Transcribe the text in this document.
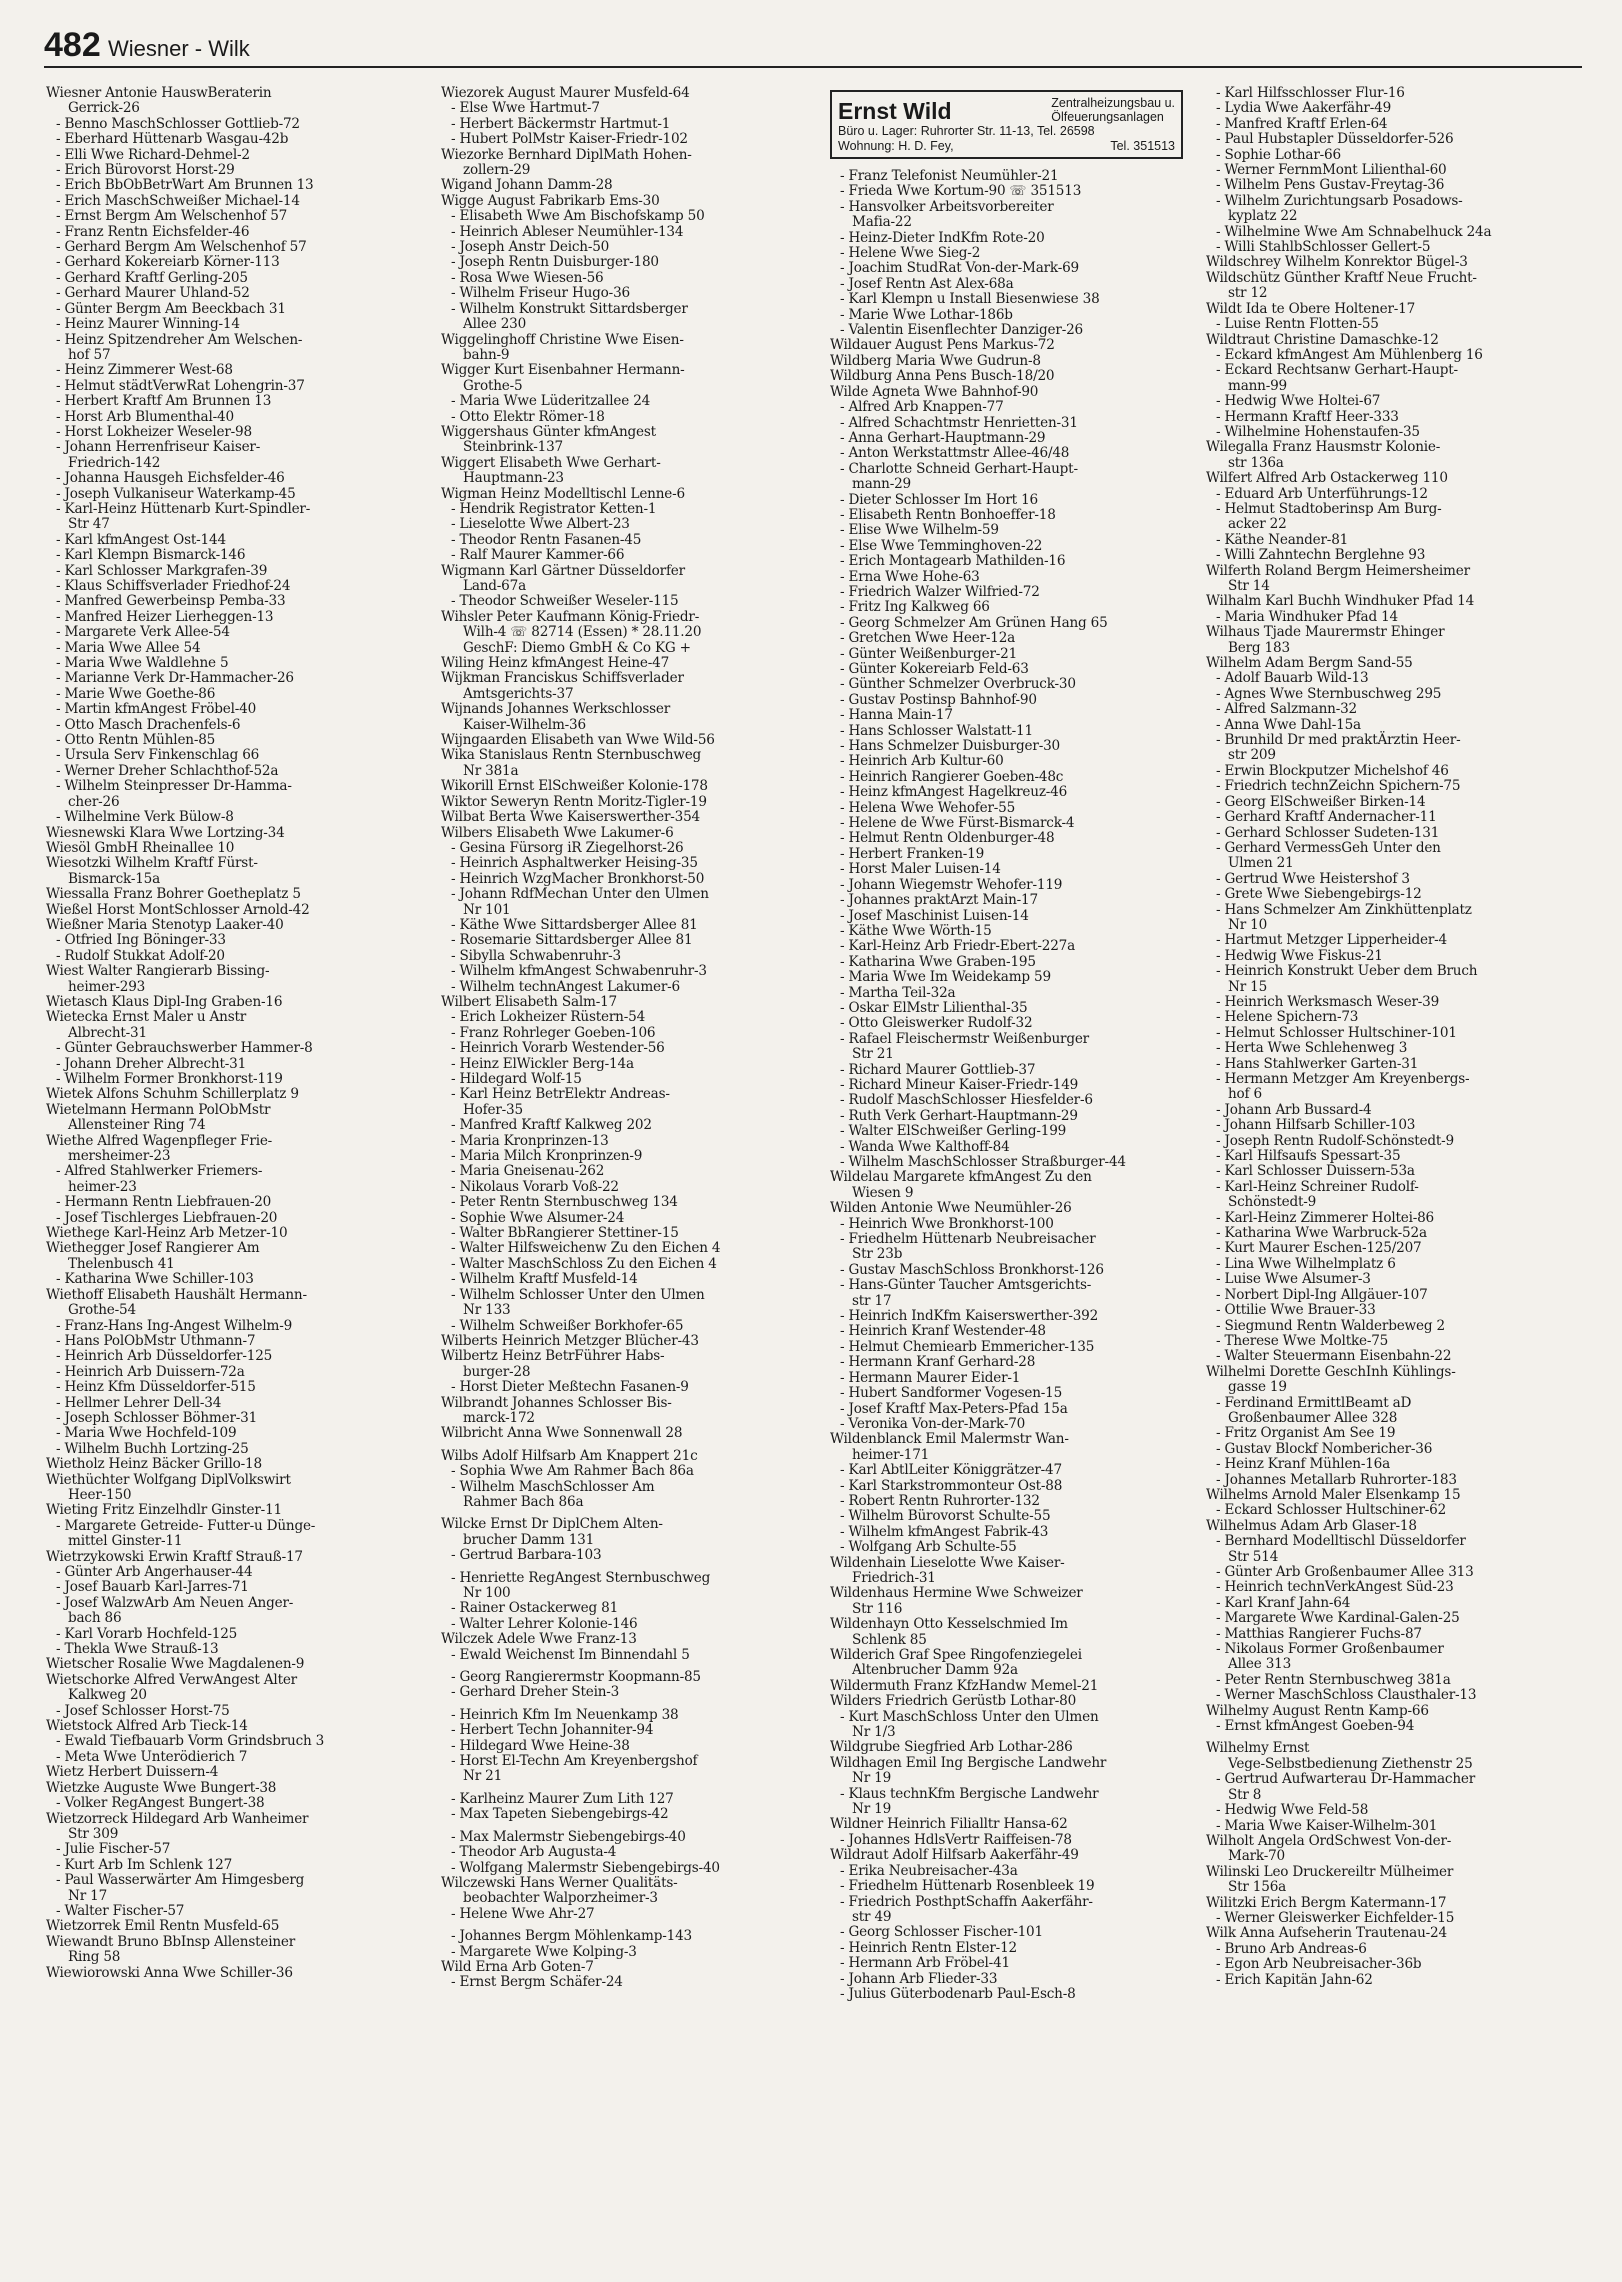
482 Wiesner - Wilk
Wiesner Antonie HauswBeraterin
Gerrick-26
- Benno MaschSchlosser Gottlieb-72
- Eberhard Hüttenarb Wasgau-42b
- Elli Wwe Richard-Dehmel-2
- Erich Bürovorst Horst-29
- Erich BbObBetrWart Am Brunnen 13
- Erich MaschSchweißer Michael-14
- Ernst Bergm Am Welschenhof 57
- Franz Rentn Eichsfelder-46
- Gerhard Bergm Am Welschenhof 57
- Gerhard Kokereiarb Körner-113
- Gerhard Kraftf Gerling-205
- Gerhard Maurer Uhland-52
- Günter Bergm Am Beeckbach 31
- Heinz Maurer Winning-14
- Heinz Spitzendreher Am Welschen-
hof 57
- Heinz Zimmerer West-68
- Helmut städtVerwRat Lohengrin-37
- Herbert Kraftf Am Brunnen 13
- Horst Arb Blumenthal-40
- Horst Lokheizer Weseler-98
- Johann Herrenfriseur Kaiser-
Friedrich-142
- Johanna Hausgeh Eichsfelder-46
- Joseph Vulkaniseur Waterkamp-45
- Karl-Heinz Hüttenarb Kurt-Spindler-
Str 47
- Karl kfmAngest Ost-144
- Karl Klempn Bismarck-146
- Karl Schlosser Markgrafen-39
- Klaus Schiffsverlader Friedhof-24
- Manfred Gewerbeinsp Pemba-33
- Manfred Heizer Lierheggen-13
- Margarete Verk Allee-54
- Maria Wwe Allee 54
- Maria Wwe Waldlehne 5
- Marianne Verk Dr-Hammacher-26
- Marie Wwe Goethe-86
- Martin kfmAngest Fröbel-40
- Otto Masch Drachenfels-6
- Otto Rentn Mühlen-85
- Ursula Serv Finkenschlag 66
- Werner Dreher Schlachthof-52a
- Wilhelm Steinpresser Dr-Hamma-
cher-26
- Wilhelmine Verk Bülow-8
Wiesnewski Klara Wwe Lortzing-34
Wiesöl GmbH Rheinallee 10
Wiesotzki Wilhelm Kraftf Fürst-
Bismarck-15a
Wiessalla Franz Bohrer Goetheplatz 5
Wießel Horst MontSchlosser Arnold-42
Wießner Maria Stenotyp Laaker-40
- Otfried Ing Böninger-33
- Rudolf Stukkat Adolf-20
Wiest Walter Rangierarb Bissing-
heimer-293
Wietasch Klaus Dipl-Ing Graben-16
Wietecka Ernst Maler u Anstr
Albrecht-31
- Günter Gebrauchswerber Hammer-8
- Johann Dreher Albrecht-31
- Wilhelm Former Bronkhorst-119
Wietek Alfons Schuhm Schillerplatz 9
Wietelmann Hermann PolObMstr
Allensteiner Ring 74
Wiethe Alfred Wagenpfleger Frie-
mersheimer-23
- Alfred Stahlwerker Friemers-
heimer-23
- Hermann Rentn Liebfrauen-20
- Josef Tischlerges Liebfrauen-20
Wiethege Karl-Heinz Arb Metzer-10
Wiethegger Josef Rangierer Am
Thelenbusch 41
- Katharina Wwe Schiller-103
Wiethoff Elisabeth Haushält Hermann-
Grothe-54
- Franz-Hans Ing-Angest Wilhelm-9
- Hans PolObMstr Uthmann-7
- Heinrich Arb Düsseldorfer-125
- Heinrich Arb Duissern-72a
- Heinz Kfm Düsseldorfer-515
- Hellmer Lehrer Dell-34
- Joseph Schlosser Böhmer-31
- Maria Wwe Hochfeld-109
- Wilhelm Buchh Lortzing-25
Wietholz Heinz Bäcker Grillo-18
Wiethüchter Wolfgang DiplVolkswirt
Heer-150
Wieting Fritz Einzelhdlr Ginster-11
- Margarete Getreide- Futter-u Dünge-
mittel Ginster-11
Wietrzykowski Erwin Kraftf Strauß-17
- Günter Arb Angerhauser-44
- Josef Bauarb Karl-Jarres-71
- Josef WalzwArb Am Neuen Anger-
bach 86
- Karl Vorarb Hochfeld-125
- Thekla Wwe Strauß-13
Wietscher Rosalie Wwe Magdalenen-9
Wietschorke Alfred VerwAngest Alter
Kalkweg 20
- Josef Schlosser Horst-75
Wietstock Alfred Arb Tieck-14
- Ewald Tiefbauarb Vorm Grindsbruch 3
- Meta Wwe Unterödierich 7
Wietz Herbert Duissern-4
Wietzke Auguste Wwe Bungert-38
- Volker RegAngest Bungert-38
Wietzorreck Hildegard Arb Wanheimer
Str 309
- Julie Fischer-57
- Kurt Arb Im Schlenk 127
- Paul Wasserwärter Am Himgesberg
Nr 17
- Walter Fischer-57
Wietzorrek Emil Rentn Musfeld-65
Wiewandt Bruno BbInsp Allensteiner
Ring 58
Wiewiorowski Anna Wwe Schiller-36
Wiezorek August Maurer Musfeld-64
- Else Wwe Hartmut-7
- Herbert Bäckermstr Hartmut-1
- Hubert PolMstr Kaiser-Friedr-102
Wiezorke Bernhard DiplMath Hohen-
zollern-29
Wigand Johann Damm-28
Wigge August Fabrikarb Ems-30
- Elisabeth Wwe Am Bischofskamp 50
- Heinrich Ableser Neumühler-134
- Joseph Anstr Deich-50
- Joseph Rentn Duisburger-180
- Rosa Wwe Wiesen-56
- Wilhelm Friseur Hugo-36
- Wilhelm Konstrukt Sittardsberger
Allee 230
Wiggelinghoff Christine Wwe Eisen-
bahn-9
Wigger Kurt Eisenbahner Hermann-
Grothe-5
- Maria Wwe Lüderitzallee 24
- Otto Elektr Römer-18
Wiggershaus Günter kfmAngest
Steinbrink-137
Wiggert Elisabeth Wwe Gerhart-
Hauptmann-23
Wigman Heinz Modelltischl Lenne-6
- Hendrik Registrator Ketten-1
- Lieselotte Wwe Albert-23
- Theodor Rentn Fasanen-45
- Ralf Maurer Kammer-66
Wigmann Karl Gärtner Düsseldorfer
Land-67a
- Theodor Schweißer Weseler-115
Wihsler Peter Kaufmann König-Friedr-
Wilh-4 ☏ 82714 (Essen) * 28.11.20
GeschF: Diemo GmbH & Co KG +
Wiling Heinz kfmAngest Heine-47
Wijkman Franciskus Schiffsverlader
Amtsgerichts-37
Wijnands Johannes Werkschlosser
Kaiser-Wilhelm-36
Wijngaarden Elisabeth van Wwe Wild-56
Wika Stanislaus Rentn Sternbuschweg
Nr 381a
Wikorill Ernst ElSchweißer Kolonie-178
Wiktor Seweryn Rentn Moritz-Tigler-19
Wilbat Berta Wwe Kaiserswerther-354
Wilbers Elisabeth Wwe Lakumer-6
- Gesina Fürsorg iR Ziegelhorst-26
- Heinrich Asphaltwerker Heising-35
- Heinrich WzgMacher Bronkhorst-50
- Johann RdfMechan Unter den Ulmen
Nr 101
- Käthe Wwe Sittardsberger Allee 81
- Rosemarie Sittardsberger Allee 81
- Sibylla Schwabenruhr-3
- Wilhelm kfmAngest Schwabenruhr-3
- Wilhelm technAngest Lakumer-6
Wilbert Elisabeth Salm-17
- Erich Lokheizer Rüstern-54
- Franz Rohrleger Goeben-106
- Heinrich Vorarb Westender-56
- Heinz ElWickler Berg-14a
- Hildegard Wolf-15
- Karl Heinz BetrElektr Andreas-
Hofer-35
- Manfred Kraftf Kalkweg 202
- Maria Kronprinzen-13
- Maria Milch Kronprinzen-9
- Maria Gneisenau-262
- Nikolaus Vorarb Voß-22
- Peter Rentn Sternbuschweg 134
- Sophie Wwe Alsumer-24
- Walter BbRangierer Stettiner-15
- Walter Hilfsweichenw Zu den Eichen 4
- Walter MaschSchloss Zu den Eichen 4
- Wilhelm Kraftf Musfeld-14
- Wilhelm Schlosser Unter den Ulmen
Nr 133
- Wilhelm Schweißer Borkhofer-65
Wilberts Heinrich Metzger Blücher-43
Wilbertz Heinz BetrFührer Habs-
burger-28
- Horst Dieter Meßtechn Fasanen-9
Wilbrandt Johannes Schlosser Bis-
marck-172
Wilbricht Anna Wwe Sonnenwall 28

Wilbs Adolf Hilfsarb Am Knappert 21c
- Sophia Wwe Am Rahmer Bach 86a
- Wilhelm MaschSchlosser Am
Rahmer Bach 86a

Wilcke Ernst Dr DiplChem Alten-
brucher Damm 131
- Gertrud Barbara-103

- Henriette RegAngest Sternbuschweg
Nr 100
- Rainer Ostackerweg 81
- Walter Lehrer Kolonie-146
Wilczek Adele Wwe Franz-13
- Ewald Weichenst Im Binnendahl 5

- Georg Rangierermstr Koopmann-85
- Gerhard Dreher Stein-3

- Heinrich Kfm Im Neuenkamp 38
- Herbert Techn Johanniter-94
- Hildegard Wwe Heine-38
- Horst El-Techn Am Kreyenbergshof
Nr 21

- Karlheinz Maurer Zum Lith 127
- Max Tapeten Siebengebirgs-42

- Max Malermstr Siebengebirgs-40
- Theodor Arb Augusta-4
- Wolfgang Malermstr Siebengebirgs-40
Wilczewski Hans Werner Qualitäts-
beobachter Walporzheimer-3
- Helene Wwe Ahr-27

- Johannes Bergm Möhlenkamp-143
- Margarete Wwe Kolping-3
Wild Erna Arb Goten-7
- Ernst Bergm Schäfer-24
Ernst Wild	Zentralheizungsbau u.
Ölfeuerungsanlagen
Büro u. Lager: Ruhrorter Str. 11-13, Tel. 26598
Wohnung: H. D. Fey,	Tel. 351513
- Franz Telefonist Neumühler-21
- Frieda Wwe Kortum-90 ☏ 351513
- Hansvolker Arbeitsvorbereiter
Mafia-22
- Heinz-Dieter IndKfm Rote-20
- Helene Wwe Sieg-2
- Joachim StudRat Von-der-Mark-69
- Josef Rentn Ast Alex-68a
- Karl Klempn u Install Biesenwiese 38
- Marie Wwe Lothar-186b
- Valentin Eisenflechter Danziger-26
Wildauer August Pens Markus-72
Wildberg Maria Wwe Gudrun-8
Wildburg Anna Pens Busch-18/20
Wilde Agneta Wwe Bahnhof-90
- Alfred Arb Knappen-77
- Alfred Schachtmstr Henrietten-31
- Anna Gerhart-Hauptmann-29
- Anton Werkstattmstr Allee-46/48
- Charlotte Schneid Gerhart-Haupt-
mann-29
- Dieter Schlosser Im Hort 16
- Elisabeth Rentn Bonhoeffer-18
- Elise Wwe Wilhelm-59
- Else Wwe Temminghoven-22
- Erich Montagearb Mathilden-16
- Erna Wwe Hohe-63
- Friedrich Walzer Wilfried-72
- Fritz Ing Kalkweg 66
- Georg Schmelzer Am Grünen Hang 65
- Gretchen Wwe Heer-12a
- Günter Weißenburger-21
- Günter Kokereiarb Feld-63
- Günther Schmelzer Overbruck-30
- Gustav Postinsp Bahnhof-90
- Hanna Main-17
- Hans Schlosser Walstatt-11
- Hans Schmelzer Duisburger-30
- Heinrich Arb Kultur-60
- Heinrich Rangierer Goeben-48c
- Heinz kfmAngest Hagelkreuz-46
- Helena Wwe Wehofer-55
- Helene de Wwe Fürst-Bismarck-4
- Helmut Rentn Oldenburger-48
- Herbert Franken-19
- Horst Maler Luisen-14
- Johann Wiegemstr Wehofer-119
- Johannes praktArzt Main-17
- Josef Maschinist Luisen-14
- Käthe Wwe Wörth-15
- Karl-Heinz Arb Friedr-Ebert-227a
- Katharina Wwe Graben-195
- Maria Wwe Im Weidekamp 59
- Martha Teil-32a
- Oskar ElMstr Lilienthal-35
- Otto Gleiswerker Rudolf-32
- Rafael Fleischermstr Weißenburger
Str 21
- Richard Maurer Gottlieb-37
- Richard Mineur Kaiser-Friedr-149
- Rudolf MaschSchlosser Hiesfelder-6
- Ruth Verk Gerhart-Hauptmann-29
- Walter ElSchweißer Gerling-199
- Wanda Wwe Kalthoff-84
- Wilhelm MaschSchlosser Straßburger-44
Wildelau Margarete kfmAngest Zu den
Wiesen 9
Wilden Antonie Wwe Neumühler-26
- Heinrich Wwe Bronkhorst-100
- Friedhelm Hüttenarb Neubreisacher
Str 23b
- Gustav MaschSchloss Bronkhorst-126
- Hans-Günter Taucher Amtsgerichts-
str 17
- Heinrich IndKfm Kaiserswerther-392
- Heinrich Kranf Westender-48
- Helmut Chemiearb Emmericher-135
- Hermann Kranf Gerhard-28
- Hermann Maurer Eider-1
- Hubert Sandformer Vogesen-15
- Josef Kraftf Max-Peters-Pfad 15a
- Veronika Von-der-Mark-70
Wildenblanck Emil Malermstr Wan-
heimer-171
- Karl AbtlLeiter Königgrätzer-47
- Karl Starkstrommonteur Ost-88
- Robert Rentn Ruhrorter-132
- Wilhelm Bürovorst Schulte-55
- Wilhelm kfmAngest Fabrik-43
- Wolfgang Arb Schulte-55
Wildenhain Lieselotte Wwe Kaiser-
Friedrich-31
Wildenhaus Hermine Wwe Schweizer
Str 116
Wildenhayn Otto Kesselschmied Im
Schlenk 85
Wilderich Graf Spee Ringofenziegelei
Altenbrucher Damm 92a
Wildermuth Franz KfzHandw Memel-21
Wilders Friedrich Gerüstb Lothar-80
- Kurt MaschSchloss Unter den Ulmen
Nr 1/3
Wildgrube Siegfried Arb Lothar-286
Wildhagen Emil Ing Bergische Landwehr
Nr 19
- Klaus technKfm Bergische Landwehr
Nr 19
Wildner Heinrich Filialltr Hansa-62
- Johannes HdlsVertr Raiffeisen-78
Wildraut Adolf Hilfsarb Aakerfähr-49
- Erika Neubreisacher-43a
- Friedhelm Hüttenarb Rosenbleek 19
- Friedrich PosthptSchaffn Aakerfähr-
str 49
- Georg Schlosser Fischer-101
- Heinrich Rentn Elster-12
- Hermann Arb Fröbel-41
- Johann Arb Flieder-33
- Julius Güterbodenarb Paul-Esch-8
- Karl Hilfsschlosser Flur-16
- Lydia Wwe Aakerfähr-49
- Manfred Kraftf Erlen-64
- Paul Hubstapler Düsseldorfer-526
- Sophie Lothar-66
- Werner FernmMont Lilienthal-60
- Wilhelm Pens Gustav-Freytag-36
- Wilhelm Zurichtungsarb Posadows-
kyplatz 22
- Wilhelmine Wwe Am Schnabelhuck 24a
- Willi StahlbSchlosser Gellert-5
Wildschrey Wilhelm Konrektor Bügel-3
Wildschütz Günther Kraftf Neue Frucht-
str 12
Wildt Ida te Obere Holtener-17
- Luise Rentn Flotten-55
Wildtraut Christine Damaschke-12
- Eckard kfmAngest Am Mühlenberg 16
- Eckard Rechtsanw Gerhart-Haupt-
mann-99
- Hedwig Wwe Holtei-67
- Hermann Kraftf Heer-333
- Wilhelmine Hohenstaufen-35
Wilegalla Franz Hausmstr Kolonie-
str 136a
Wilfert Alfred Arb Ostackerweg 110
- Eduard Arb Unterführungs-12
- Helmut Stadtoberinsp Am Burg-
acker 22
- Käthe Neander-81
- Willi Zahntechn Berglehne 93
Wilferth Roland Bergm Heimersheimer
Str 14
Wilhalm Karl Buchh Windhuker Pfad 14
- Maria Windhuker Pfad 14
Wilhaus Tjade Maurermstr Ehinger
Berg 183
Wilhelm Adam Bergm Sand-55
- Adolf Bauarb Wild-13
- Agnes Wwe Sternbuschweg 295
- Alfred Salzmann-32
- Anna Wwe Dahl-15a
- Brunhild Dr med praktÄrztin Heer-
str 209
- Erwin Blockputzer Michelshof 46
- Friedrich technZeichn Spichern-75
- Georg ElSchweißer Birken-14
- Gerhard Kraftf Andernacher-11
- Gerhard Schlosser Sudeten-131
- Gerhard VermessGeh Unter den
Ulmen 21
- Gertrud Wwe Heistershof 3
- Grete Wwe Siebengebirgs-12
- Hans Schmelzer Am Zinkhüttenplatz
Nr 10
- Hartmut Metzger Lipperheider-4
- Hedwig Wwe Fiskus-21
- Heinrich Konstrukt Ueber dem Bruch
Nr 15
- Heinrich Werksmasch Weser-39
- Helene Spichern-73
- Helmut Schlosser Hultschiner-101
- Herta Wwe Schlehenweg 3
- Hans Stahlwerker Garten-31
- Hermann Metzger Am Kreyenbergs-
hof 6
- Johann Arb Bussard-4
- Johann Hilfsarb Schiller-103
- Joseph Rentn Rudolf-Schönstedt-9
- Karl Hilfsaufs Spessart-35
- Karl Schlosser Duissern-53a
- Karl-Heinz Schreiner Rudolf-
Schönstedt-9
- Karl-Heinz Zimmerer Holtei-86
- Katharina Wwe Warbruck-52a
- Kurt Maurer Eschen-125/207
- Lina Wwe Wilhelmplatz 6
- Luise Wwe Alsumer-3
- Norbert Dipl-Ing Allgäuer-107
- Ottilie Wwe Brauer-33
- Siegmund Rentn Walderbeweg 2
- Therese Wwe Moltke-75
- Walter Steuermann Eisenbahn-22
Wilhelmi Dorette GeschInh Kühlings-
gasse 19
- Ferdinand ErmittlBeamt aD
Großenbaumer Allee 328
- Fritz Organist Am See 19
- Gustav Blockf Nombericher-36
- Heinz Kranf Mühlen-16a
- Johannes Metallarb Ruhrorter-183
Wilhelms Arnold Maler Elsenkamp 15
- Eckard Schlosser Hultschiner-62
Wilhelmus Adam Arb Glaser-18
- Bernhard Modelltischl Düsseldorfer
Str 514
- Günter Arb Großenbaumer Allee 313
- Heinrich technVerkAngest Süd-23
- Karl Kranf Jahn-64
- Margarete Wwe Kardinal-Galen-25
- Matthias Rangierer Fuchs-87
- Nikolaus Former Großenbaumer
Allee 313
- Peter Rentn Sternbuschweg 381a
- Werner MaschSchloss Clausthaler-13
Wilhelmy August Rentn Kamp-66
- Ernst kfmAngest Goeben-94

Wilhelmy Ernst
Vege-Selbstbedienung Ziethenstr 25
- Gertrud Aufwarterau Dr-Hammacher
Str 8
- Hedwig Wwe Feld-58
- Maria Wwe Kaiser-Wilhelm-301
Wilholt Angela OrdSchwest Von-der-
Mark-70
Wilinski Leo Druckereiltr Mülheimer
Str 156a
Wilitzki Erich Bergm Katermann-17
- Werner Gleiswerker Eichfelder-15
Wilk Anna Aufseherin Trautenau-24
- Bruno Arb Andreas-6
- Egon Arb Neubreisacher-36b
- Erich Kapitän Jahn-62
